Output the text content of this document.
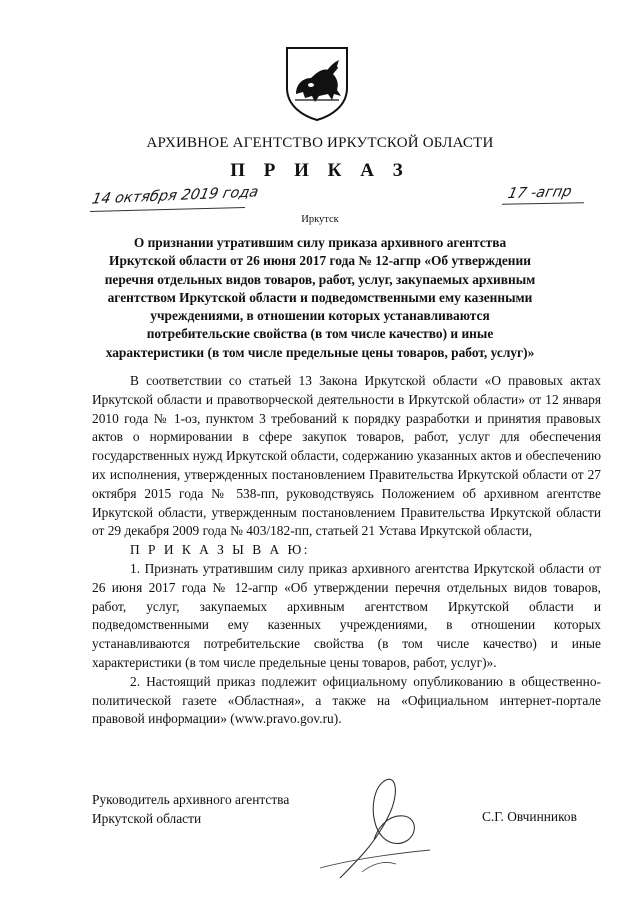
АРХИВНОЕ АГЕНТСТВО ИРКУТСКОЙ ОБЛАСТИ
П Р И К А З
14 октября 2019 года	17 -агпр
Иркутск
О признании утратившим силу приказа архивного агентства Иркутской области от 26 июня 2017 года № 12-агпр «Об утверждении перечня отдельных видов товаров, работ, услуг, закупаемых архивным агентством Иркутской области и подведомственными ему казенными учреждениями, в отношении которых устанавливаются потребительские свойства (в том числе качество) и иные характеристики (в том числе предельные цены товаров, работ, услуг)»

В соответствии со статьей 13 Закона Иркутской области «О правовых актах Иркутской области и правотворческой деятельности в Иркутской области» от 12 января 2010 года № 1-оз, пунктом 3 требований к порядку разработки и принятия правовых актов о нормировании в сфере закупок товаров, работ, услуг для обеспечения государственных нужд Иркутской области, содержанию указанных актов и обеспечению их исполнения, утвержденных постановлением Правительства Иркутской области от 27 октября 2015 года № 538-пп, руководствуясь Положением об архивном агентстве Иркутской области, утвержденным постановлением Правительства Иркутской области от 29 декабря 2009 года № 403/182-пп, статьей 21 Устава Иркутской области,

П Р И К А З Ы В А Ю:

1. Признать утратившим силу приказ архивного агентства Иркутской области от 26 июня 2017 года № 12-агпр «Об утверждении перечня отдельных видов товаров, работ, услуг, закупаемых архивным агентством Иркутской области и подведомственными ему казенных учреждениями, в отношении которых устанавливаются потребительские свойства (в том числе качество) и иные характеристики (в том числе предельные цены товаров, работ, услуг)».

2. Настоящий приказ подлежит официальному опубликованию в общественно-политической газете «Областная», а также на «Официальном интернет-портале правовой информации» (www.pravo.gov.ru).

Руководитель архивного агентства
Иркутской области	С.Г. Овчинников
